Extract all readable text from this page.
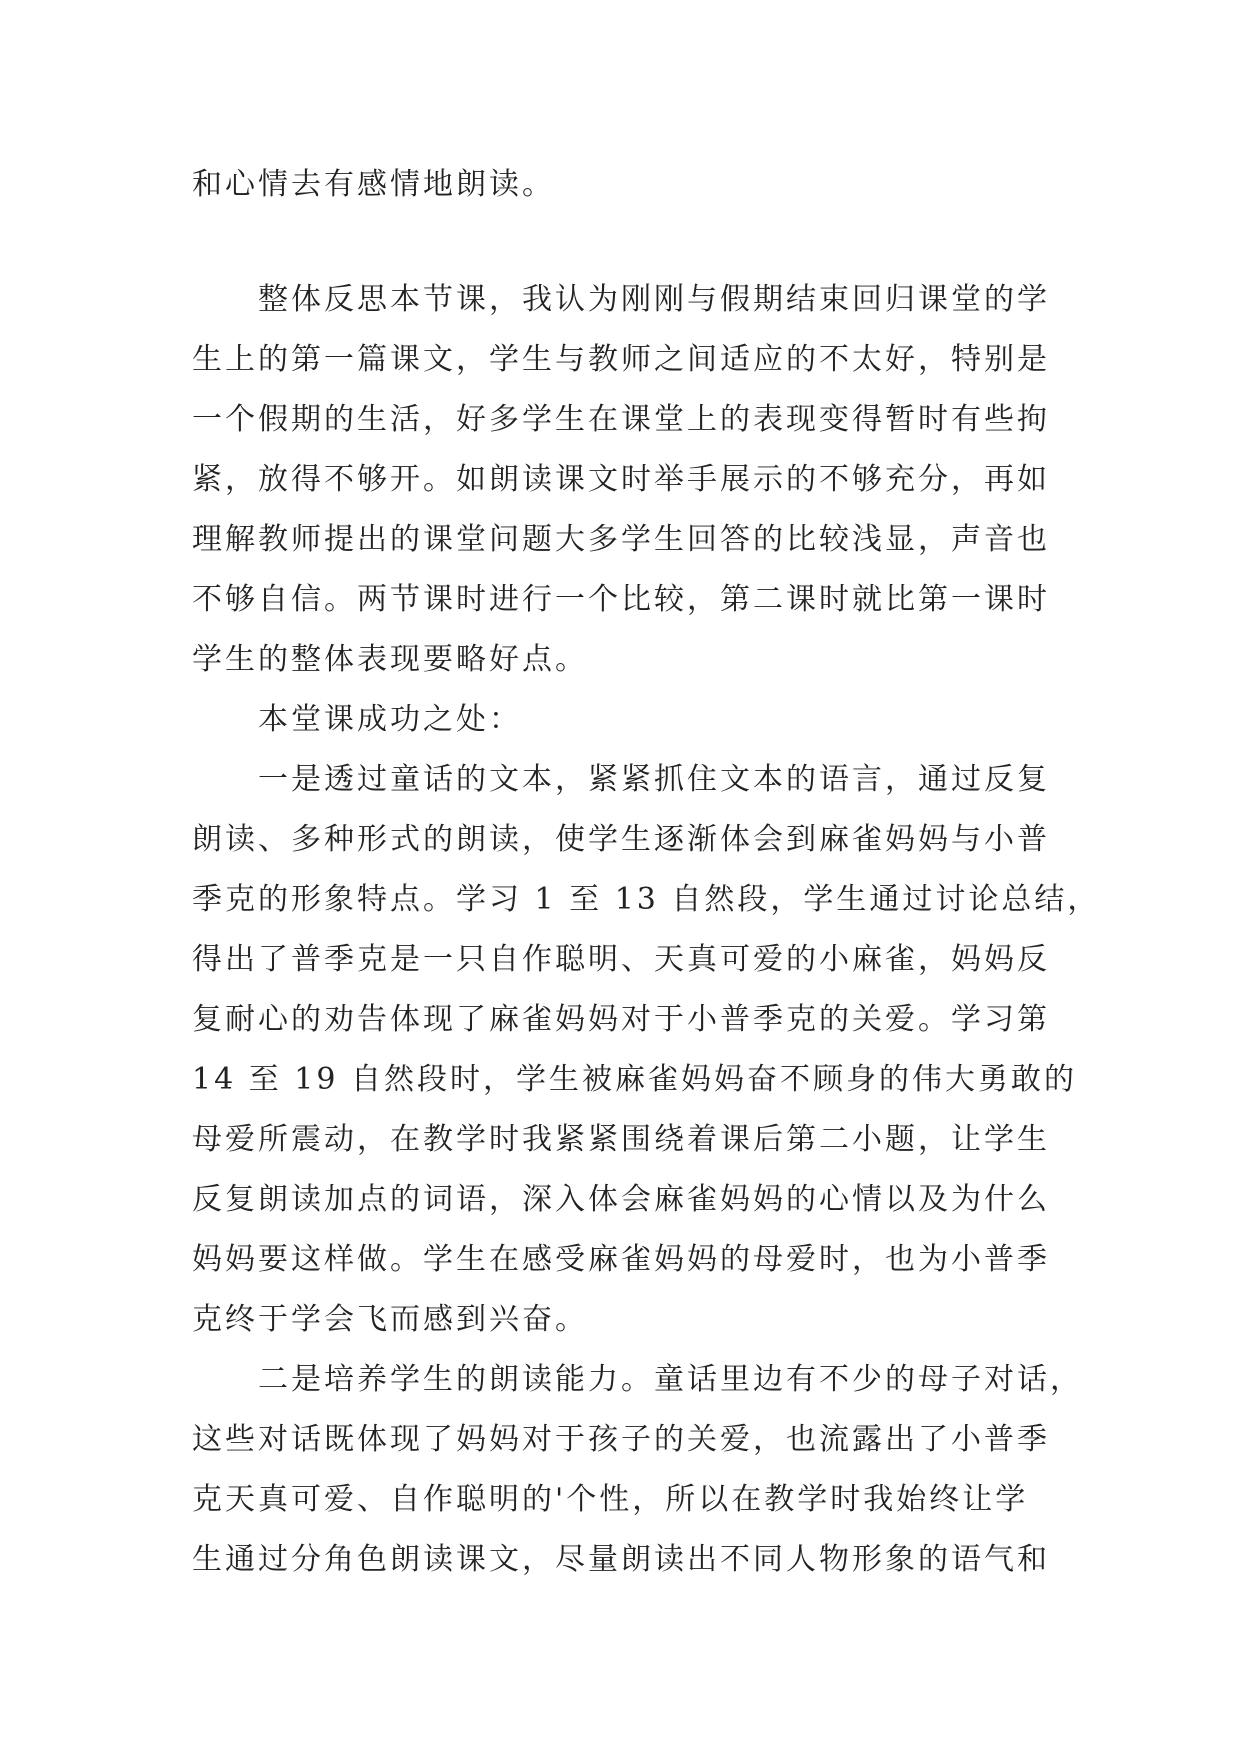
和心情去有感情地朗读。
整体反思本节课，我认为刚刚与假期结束回归课堂的学
生上的第一篇课文，学生与教师之间适应的不太好，特别是
一个假期的生活，好多学生在课堂上的表现变得暂时有些拘
紧，放得不够开。如朗读课文时举手展示的不够充分，再如
理解教师提出的课堂问题大多学生回答的比较浅显，声音也
不够自信。两节课时进行一个比较，第二课时就比第一课时
学生的整体表现要略好点。
本堂课成功之处：
一是透过童话的文本，紧紧抓住文本的语言，通过反复
朗读、多种形式的朗读，使学生逐渐体会到麻雀妈妈与小普
季克的形象特点。学习 1 至 13 自然段，学生通过讨论总结，
得出了普季克是一只自作聪明、天真可爱的小麻雀，妈妈反
复耐心的劝告体现了麻雀妈妈对于小普季克的关爱。学习第
14 至 19 自然段时，学生被麻雀妈妈奋不顾身的伟大勇敢的
母爱所震动，在教学时我紧紧围绕着课后第二小题，让学生
反复朗读加点的词语，深入体会麻雀妈妈的心情以及为什么
妈妈要这样做。学生在感受麻雀妈妈的母爱时，也为小普季
克终于学会飞而感到兴奋。
二是培养学生的朗读能力。童话里边有不少的母子对话，
这些对话既体现了妈妈对于孩子的关爱，也流露出了小普季
克天真可爱、自作聪明的'个性，所以在教学时我始终让学
生通过分角色朗读课文，尽量朗读出不同人物形象的语气和
